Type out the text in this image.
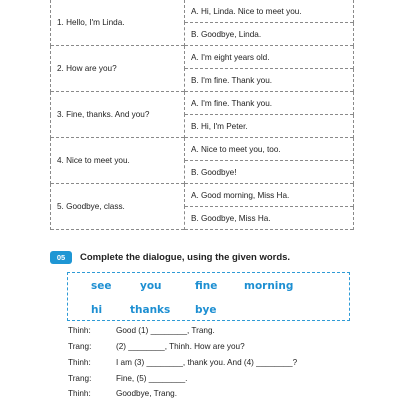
1. Hello, I'm Linda.	A. Hi, Linda. Nice to meet you.
	B. Goodbye, Linda.
2. How are you?	A. I'm eight years old.
	B. I'm fine. Thank you.
3. Fine, thanks. And you?	A. I'm fine. Thank you.
	B. Hi, I'm Peter.
4. Nice to meet you.	A. Nice to meet you, too.
	B. Goodbye!
5. Goodbye, class.	A. Good morning, Miss Ha.
	B. Goodbye, Miss Ha.
05	Complete the dialogue, using the given words.
see	you	fine	morning
hi	thanks bye
Thinh:	Good (1) ________, Trang.
Trang:	(2) ________, Thinh. How are you?
Thinh:	I am (3) ________, thank you. And (4) ________?
Trang:	Fine, (5) ________.
Thinh:	Goodbye, Trang.
